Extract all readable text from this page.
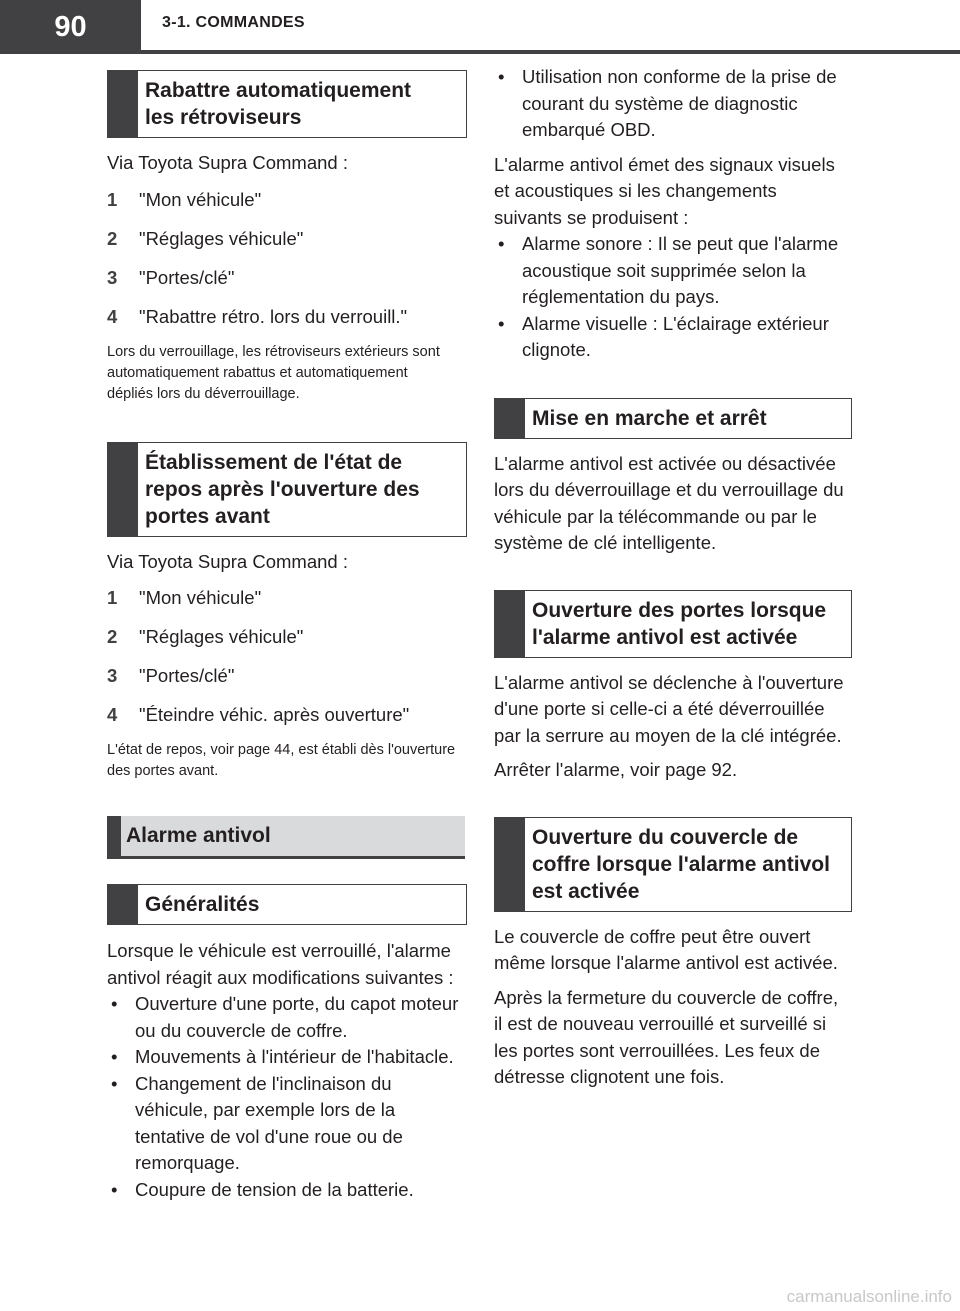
90	3-1. COMMANDES
Rabattre automatiquement les rétroviseurs

Via Toyota Supra Command :

1	"Mon véhicule"
2	"Réglages véhicule"
3	"Portes/clé"
4	"Rabattre rétro. lors du verrouill."

Lors du verrouillage, les rétroviseurs extérieurs sont automatiquement rabattus et automatiquement dépliés lors du déverrouillage.

Établissement de l'état de repos après l'ouverture des portes avant

Via Toyota Supra Command :

1	"Mon véhicule"
2	"Réglages véhicule"
3	"Portes/clé"
4	"Éteindre véhic. après ouverture"

L'état de repos, voir page 44, est établi dès l'ouverture des portes avant.

Alarme antivol
Généralités

Lorsque le véhicule est verrouillé, l'alarme antivol réagit aux modifications suivantes :

• Ouverture d'une porte, du capot moteur ou du couvercle de coffre.
• Mouvements à l'intérieur de l'habitacle.
• Changement de l'inclinaison du véhicule, par exemple lors de la tentative de vol d'une roue ou de remorquage.
• Coupure de tension de la batterie.
• Utilisation non conforme de la prise de courant du système de diagnostic embarqué OBD.

L'alarme antivol émet des signaux visuels et acoustiques si les changements suivants se produisent :

• Alarme sonore : Il se peut que l'alarme acoustique soit supprimée selon la réglementation du pays.
• Alarme visuelle : L'éclairage extérieur clignote.
Mise en marche et arrêt

L'alarme antivol est activée ou désactivée lors du déverrouillage et du verrouillage du véhicule par la télécommande ou par le système de clé intelligente.

Ouverture des portes lorsque l'alarme antivol est activée

L'alarme antivol se déclenche à l'ouverture d'une porte si celle-ci a été déverrouillée par la serrure au moyen de la clé intégrée.

Arrêter l'alarme, voir page 92.

Ouverture du couvercle de coffre lorsque l'alarme antivol est activée

Le couvercle de coffre peut être ouvert même lorsque l'alarme antivol est activée.

Après la fermeture du couvercle de coffre, il est de nouveau verrouillé et surveillé si les portes sont verrouillées. Les feux de détresse clignotent une fois.

carmanualsonline.info
